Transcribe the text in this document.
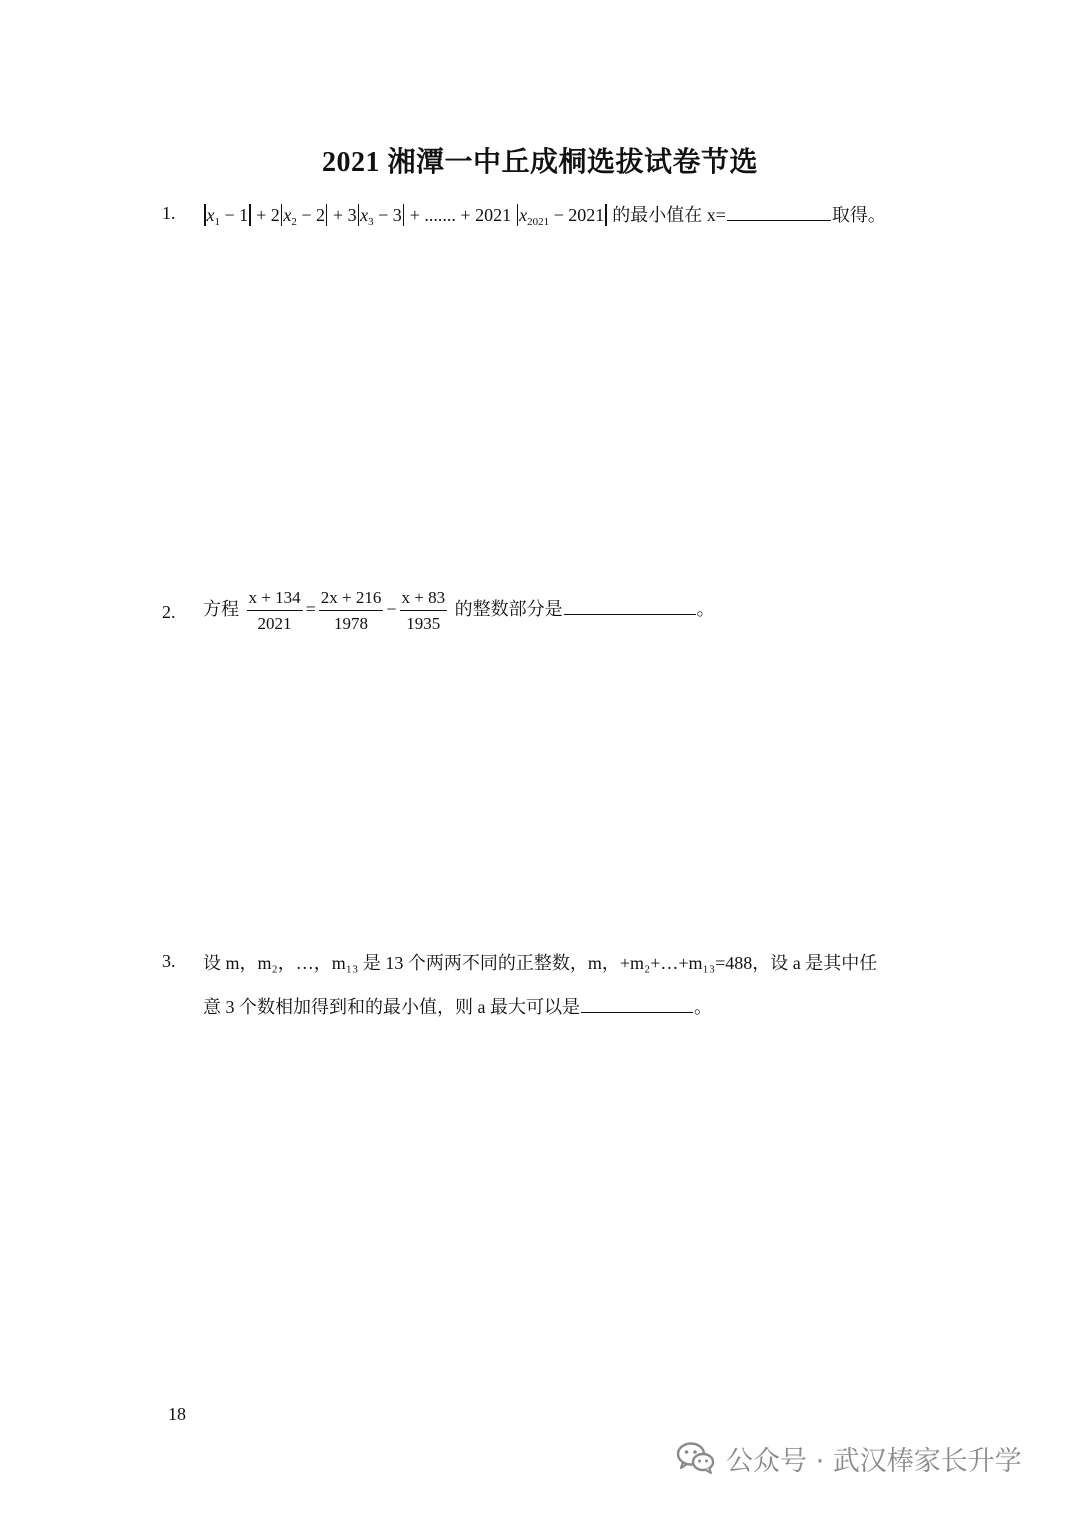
2021 湘潭一中丘成桐选拔试卷节选
1. $x_1 - 1 + 2$ $x_2 - 2 + 3$ $x_3 - 3$ + ....... + 2021 $x_{2021} - 2021$ 的最小值在 x=	取得。
2. 方程 $\frac{x + 134}{2021} = \frac{2x + 216}{1978} - \frac{x + 83}{1935}$ 的整数部分是	。
3. 设 m，m₂，…，m₁₃ 是 13 个两两不同的正整数，m，+m₂+…+m₁₃=488，设 a 是其中任
意 3 个数相加得到和的最小值，则 a 最大可以是	。
18
公众号 · 武汉棒家长升学
